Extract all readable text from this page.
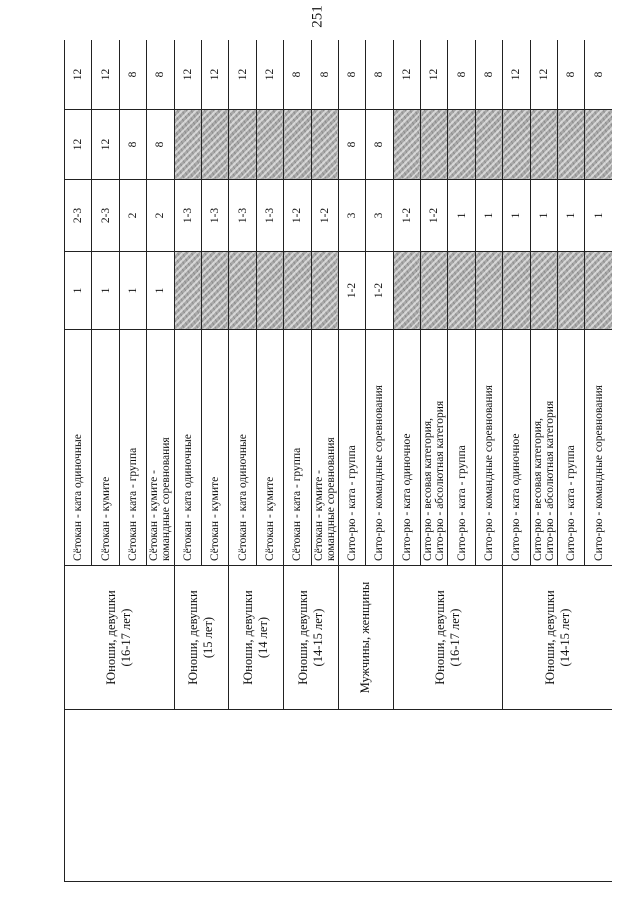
251
	Юноши, девушки
(16-17 лет)	Сётокан - ката одиночные	1	2-3	12	12
		Сётокан - кумите	1	2-3	12	12
		Сётокан - ката - группа	1	2	8	8
		Сётокан - кумите -
командные соревнования	1	2	8	8
	Юноши, девушки
(15 лет)	Сётокан - ката одиночные		1-3		12
		Сётокан - кумите		1-3		12
	Юноши, девушки
(14 лет)	Сётокан - ката одиночные		1-3		12
		Сётокан - кумите		1-3		12
	Юноши, девушки
(14-15 лет)	Сётокан - ката - группа		1-2		8
		Сётокан - кумите -
командные соревнования		1-2		8
	Мужчины, женщины	Сито-рю - ката - группа	1-2	3	8	8
		Сито-рю - командные соревнования	1-2	3	8	8
	Юноши, девушки
(16-17 лет)	Сито-рю - ката одиночное		1-2		12
		Сито-рю - весовая категория,
Сито-рю - абсолютная категория		1-2		12
		Сито-рю - ката - группа		1		8
		Сито-рю - командные соревнования		1		8
	Юноши, девушки
(14-15 лет)	Сито-рю - ката одиночное		1		12
		Сито-рю - весовая категория,
Сито-рю - абсолютная категория		1		12
		Сито-рю - ката - группа		1		8
		Сито-рю - командные соревнования		1		8
